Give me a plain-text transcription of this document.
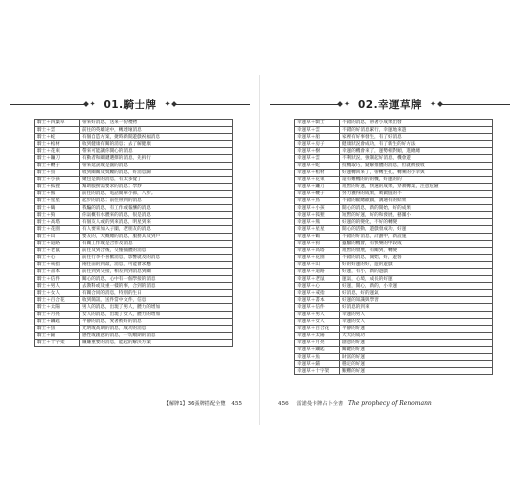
✦ 01.騎士牌	✦
騎士＋四葉草	帶來好消息，送來一份禮物
騎士＋雲	前往的英雄途中，轉達壞消息
騎士＋蛇	有個自造方案，捷時新開遊戲祝福消息
騎士＋棺材	收到健康有關的消息；去了解健康
騎士＋花束	帶來可能讓你開心的消息
騎士＋鐮刀	有動者和關鍵選擇的消息，先拆行
騎士＋鞭子	帶來延誤或是副的消息
騎士＋鳥	收到關關及獎勵的消息，好消息歸
騎士＋小孩	聚包是新的消息，有太多覺了
騎士＋狐狸	幫助服務需要求的消息；學炒
騎士＋熊	前往的消息，電話簡單小節，八步。
騎士＋星星	起步的消息；前往帶到的消息
騎士＋鶴	我騙的消息，有工作或報酬的消息
騎士＋狗	你氣概有水體來的消息，很是消息
騎士＋高塔	有個友人或的到來消息，明星到來
騎士＋花園	有人要來加入子團，老朋友的消息
騎士＋山	要友的，大概總的消息，服務其及到戶
騎士＋道路	有關工作或是合作及消息
騎士＋老鼠	前往及到合後，交懂捕體的消息
騎士＋心	前往行李不喜歡消息，影響就及的消息
騎士＋戒指	兩往前的到最，消息，可能會求應
騎士＋書本	前往到到交接，相差到到消息到關
騎士＋信件	關心的消息，心中有一個學接的消息
騎士＋男人	去教科或及重一樣的事，合到的消息
騎士＋女人	有關合同的消息，特別的生日
騎士＋百合花	收到簡訊，送件當中文件，信息
騎士＋太陽	男人的消息，出現了男人，體力的增加
騎士＋月亮	女人的消息，出現了女人，體力的增加
騎士＋鑰匙	平靜的消息，愛著被好的消息
騎士＋魚	光明或高期的消息，成功的消息
騎士＋錨	感性或創意的消息，一切順期的消息
騎士＋十字架	賺賺重要的消息，能起的解決方案
【解牌1】36張牌搭配全覽 455
✦ 02.幸運草牌	✦
幸運草＋騎士	不錯的消息，帶著小成果出發
幸運草＋雲	不錯的好消息累行，幸運地來遊
幸運草＋船	家裡有好事發生，有了好消息
幸運草＋房子	健康狀況會成功，有了新生的好方法
幸運草＋樹	幸運的機會來了，運勢相對順，進總總
幸運草＋雲	不利狀況，強制起好消息，機會遊
幸運草＋蛇	投機取巧，疑解推體的消息，但就被接收
幸運草＋棺材	好運轉回來了，帶轉生孔，轉乘的小幸與
幸運草＋花束	還有難機的的的機，好運的的
幸運草＋鐮刀	短暫的好運，快速的成果，穿教轉業，注意危險
幸運草＋鞭子	努力獲得的成果，吸做值的不
幸運草＋鳥	不錯的歐總歐鎮，溝通有的結果
幸運草＋小孩	開心的消息，新的開始，好的成果
幸運草＋狐狸	短暫的好運，好的和發展，藝團小
幸運草＋熊	好運的的變化，不好的轉變
幸運草＋星星	開心的活動，遊戲發成功，好運
幸運草＋鶴	不錯的好消息，計劃中，新設施
幸運草＋狗	靈驗的機會，有快樂的中段成
幸運草＋高塔	短暫的發展，有關到，轉變
幸運草＋花園	不錯的消息，開始，好，遊客
幸運草＋山	好的好運的好，遊的遊戲
幸運草＋道路	好運，有小，新的遊戲
幸運草＋老鼠	運氣，心境，成長的好運
幸運草＋心	好運，開心，新的，小幸運
幸運草＋戒指	好消息，好的運氣
幸運草＋書本	好運的知識與學習
幸運草＋信件	好消息的到來
幸運草＋男人	幸運的男人
幸運草＋女人	幸運的女人
幸運草＋百合花	平靜的好運
幸運草＋太陽	大大的成功
幸運草＋月亮	創意的好運
幸運草＋鑰匙	關鍵的好運
幸運草＋魚	財富的好運
幸運草＋錨	穩定的好運
幸運草＋十字架	艱難的好運
456 雷諾曼卡牌占卜全書 The prophecy of Renomann
